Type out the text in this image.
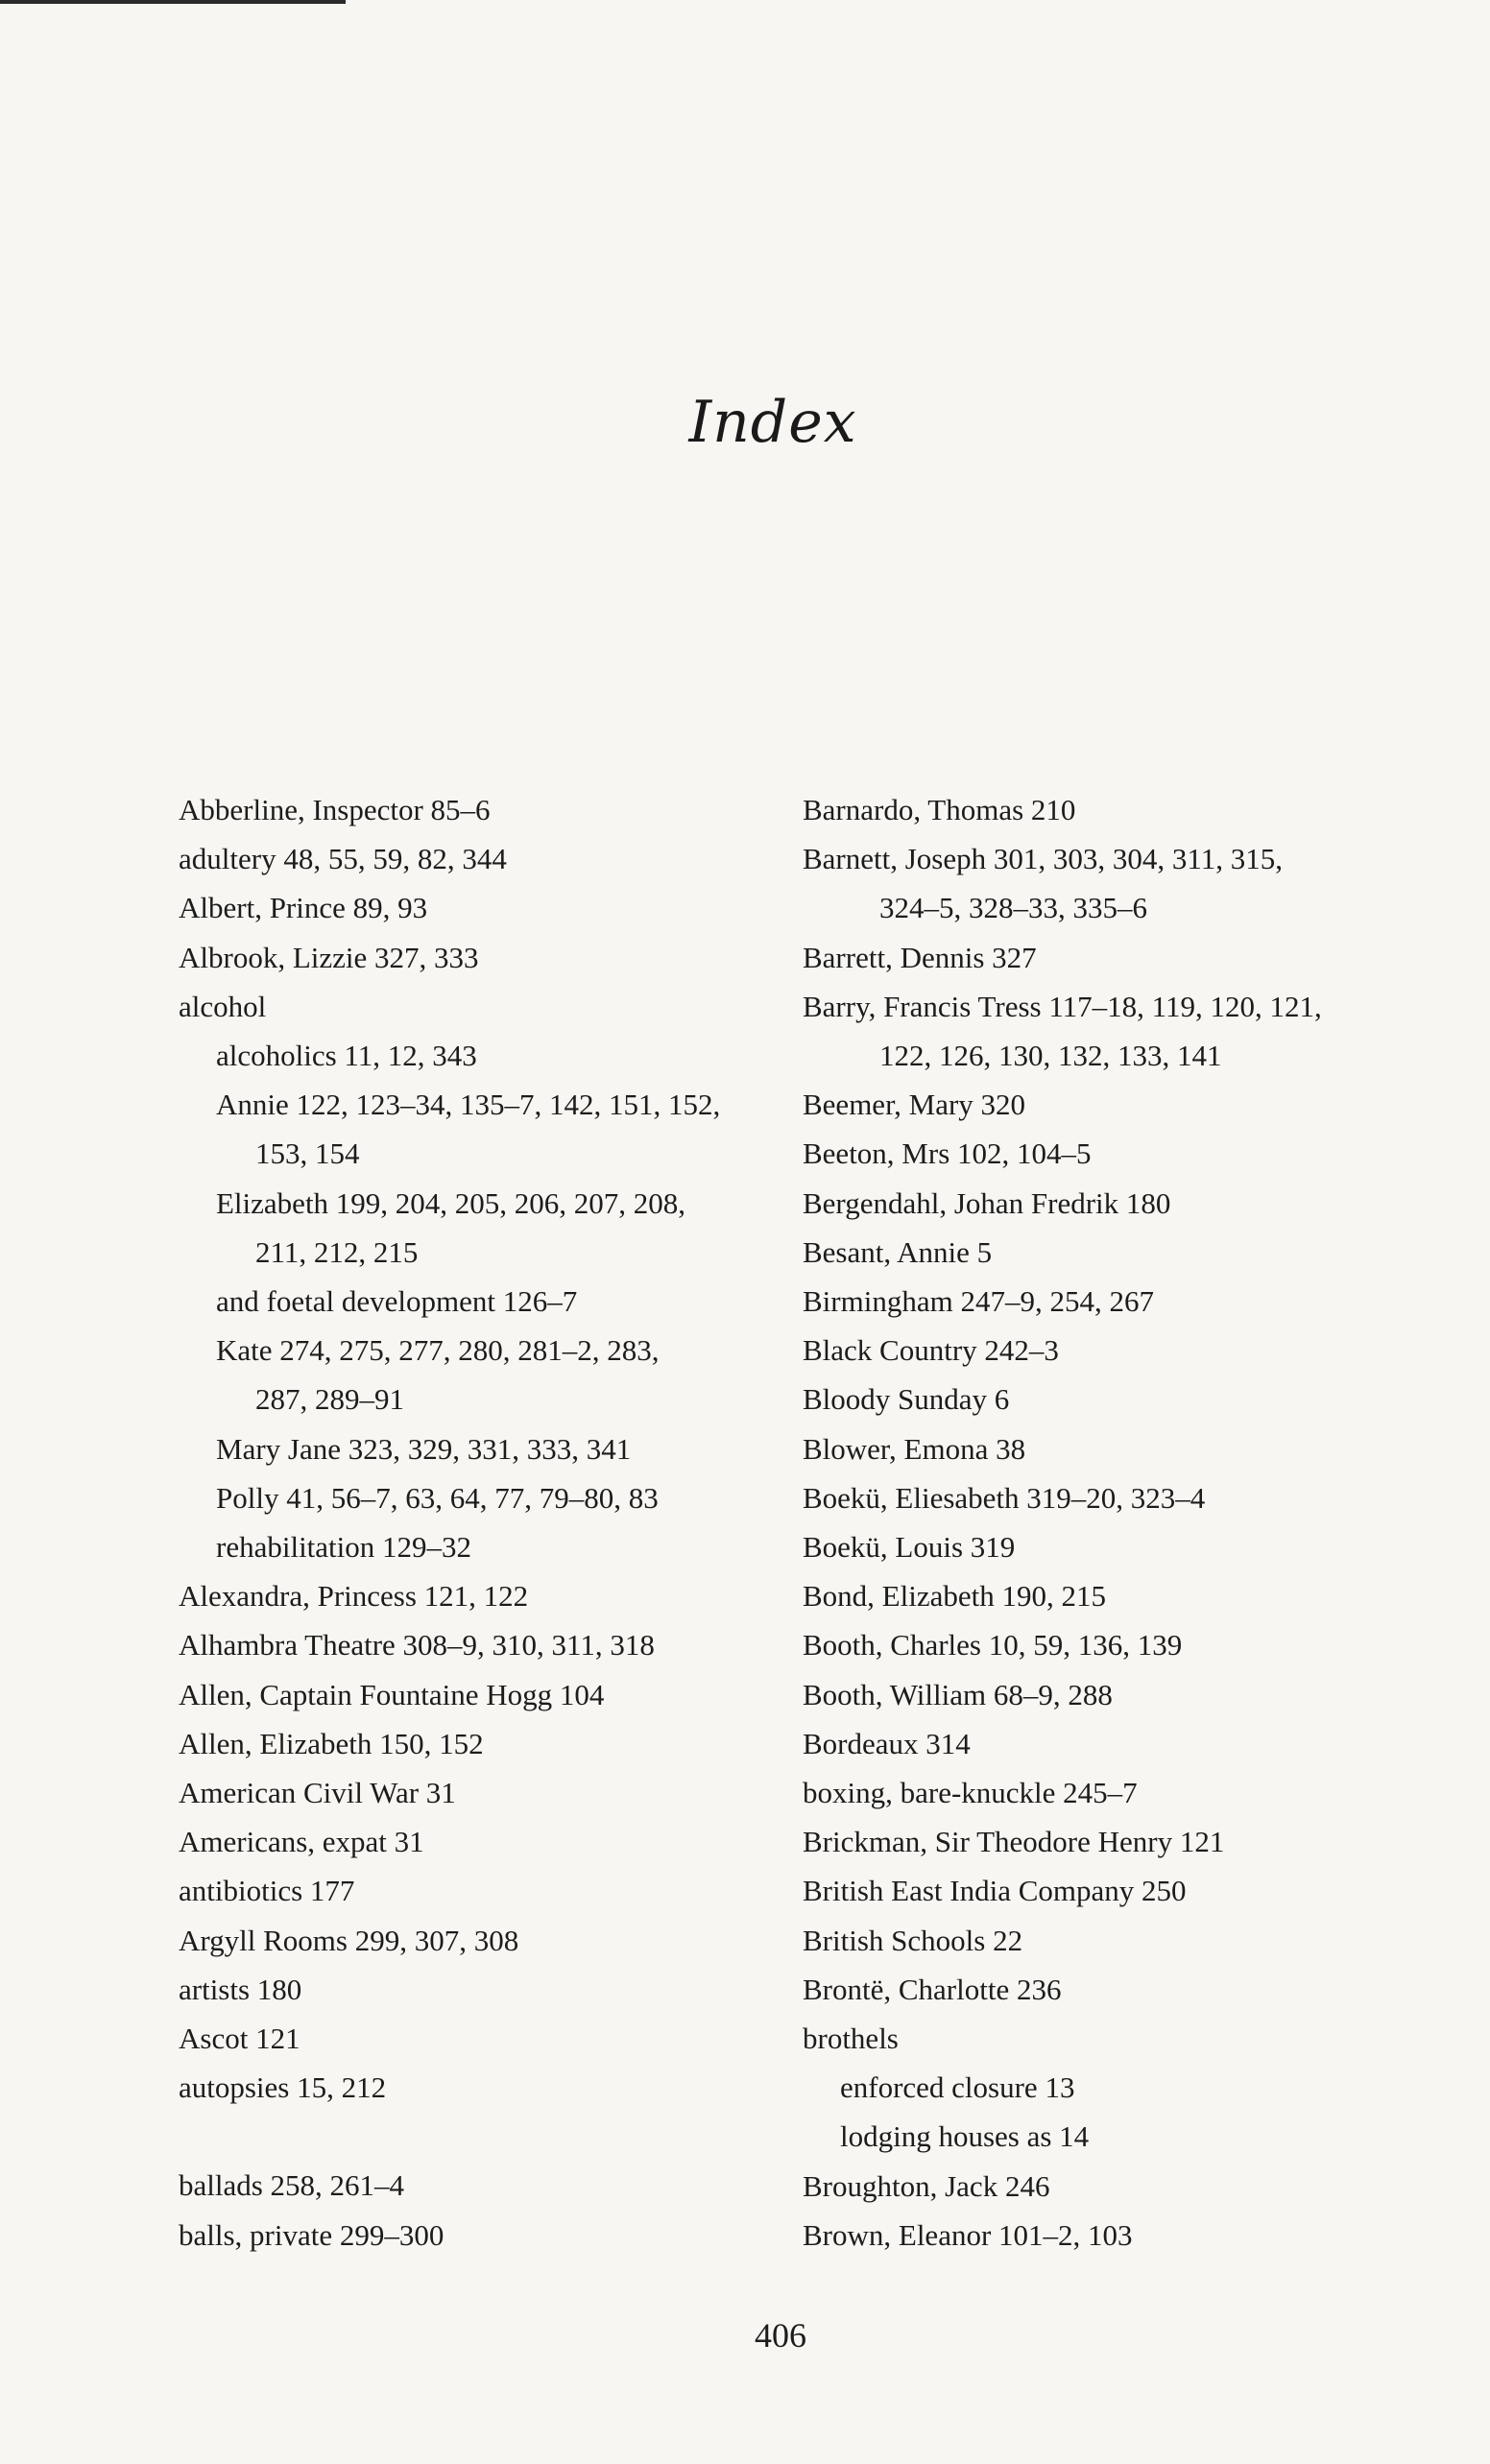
Index
Abberline, Inspector 85–6
adultery 48, 55, 59, 82, 344
Albert, Prince 89, 93
Albrook, Lizzie 327, 333
alcohol
alcoholics 11, 12, 343
Annie 122, 123–34, 135–7, 142, 151, 152,
153, 154
Elizabeth 199, 204, 205, 206, 207, 208,
211, 212, 215
and foetal development 126–7
Kate 274, 275, 277, 280, 281–2, 283,
287, 289–91
Mary Jane 323, 329, 331, 333, 341
Polly 41, 56–7, 63, 64, 77, 79–80, 83
rehabilitation 129–32
Alexandra, Princess 121, 122
Alhambra Theatre 308–9, 310, 311, 318
Allen, Captain Fountaine Hogg 104
Allen, Elizabeth 150, 152
American Civil War 31
Americans, expat 31
antibiotics 177
Argyll Rooms 299, 307, 308
artists 180
Ascot 121
autopsies 15, 212
ballads 258, 261–4
balls, private 299–300
Barnardo, Thomas 210
Barnett, Joseph 301, 303, 304, 311, 315,
324–5, 328–33, 335–6
Barrett, Dennis 327
Barry, Francis Tress 117–18, 119, 120, 121,
122, 126, 130, 132, 133, 141
Beemer, Mary 320
Beeton, Mrs 102, 104–5
Bergendahl, Johan Fredrik 180
Besant, Annie 5
Birmingham 247–9, 254, 267
Black Country 242–3
Bloody Sunday 6
Blower, Emona 38
Boekü, Eliesabeth 319–20, 323–4
Boekü, Louis 319
Bond, Elizabeth 190, 215
Booth, Charles 10, 59, 136, 139
Booth, William 68–9, 288
Bordeaux 314
boxing, bare-knuckle 245–7
Brickman, Sir Theodore Henry 121
British East India Company 250
British Schools 22
Brontë, Charlotte 236
brothels
enforced closure 13
lodging houses as 14
Broughton, Jack 246
Brown, Eleanor 101–2, 103
406
